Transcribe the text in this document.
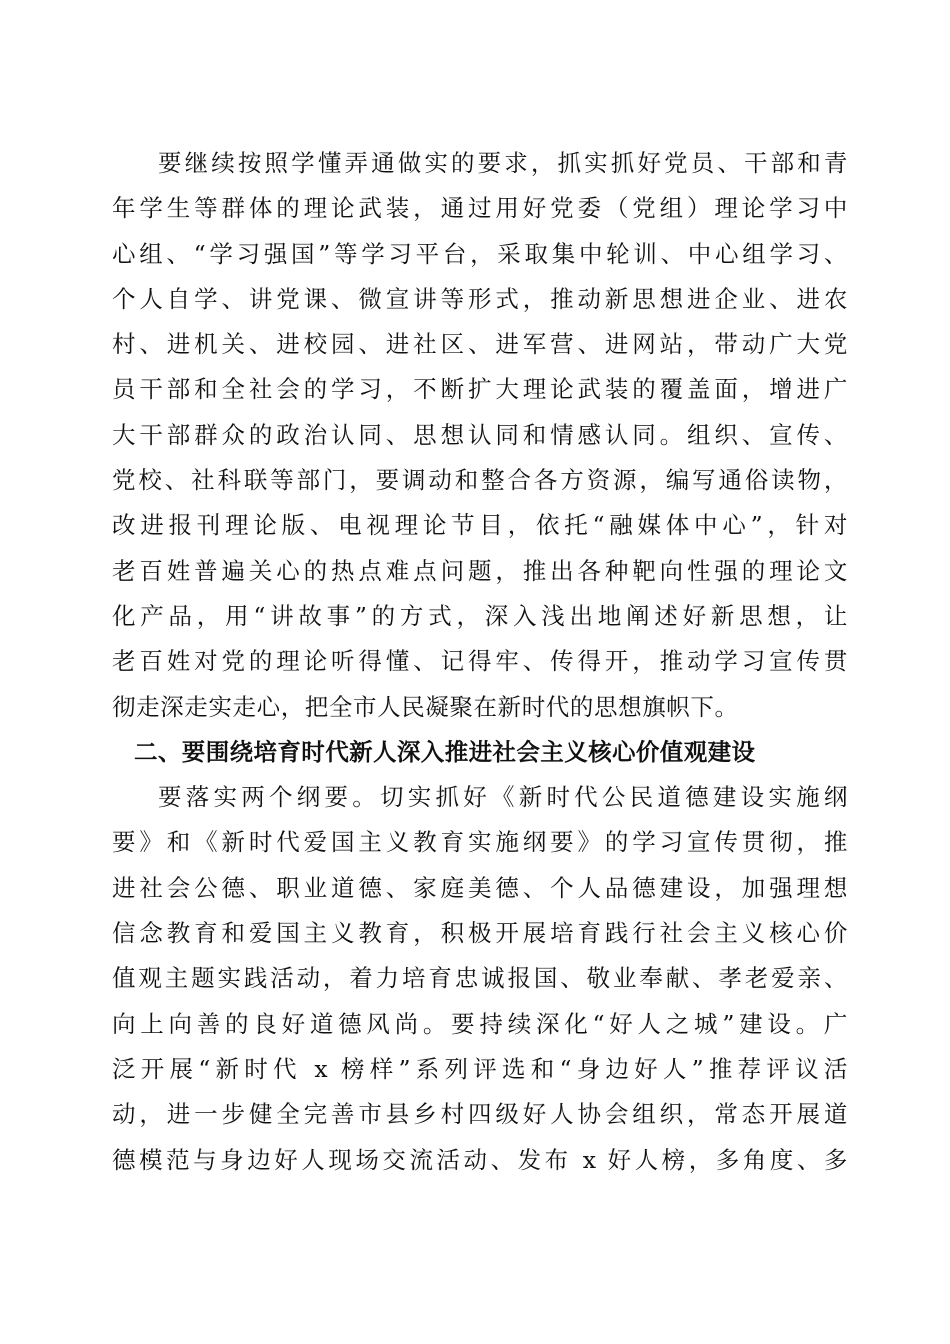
要继续按照学懂弄通做实的要求，抓实抓好党员、干部和青
年学生等群体的理论武装，通过用好党委（党组）理论学习中
心组、“学习强国”等学习平台，采取集中轮训、中心组学习、
个人自学、讲党课、微宣讲等形式，推动新思想进企业、进农
村、进机关、进校园、进社区、进军营、进网站，带动广大党
员干部和全社会的学习，不断扩大理论武装的覆盖面，增进广
大干部群众的政治认同、思想认同和情感认同。组织、宣传、
党校、社科联等部门，要调动和整合各方资源，编写通俗读物，
改进报刊理论版、电视理论节目，依托“融媒体中心”，针对
老百姓普遍关心的热点难点问题，推出各种靶向性强的理论文
化产品，用“讲故事”的方式，深入浅出地阐述好新思想，让
老百姓对党的理论听得懂、记得牢、传得开，推动学习宣传贯
彻走深走实走心，把全市人民凝聚在新时代的思想旗帜下。
二、要围绕培育时代新人深入推进社会主义核心价值观建设
要落实两个纲要。切实抓好《新时代公民道德建设实施纲
要》和《新时代爱国主义教育实施纲要》的学习宣传贯彻，推
进社会公德、职业道德、家庭美德、个人品德建设，加强理想
信念教育和爱国主义教育，积极开展培育践行社会主义核心价
值观主题实践活动，着力培育忠诚报国、敬业奉献、孝老爱亲、
向上向善的良好道德风尚。要持续深化“好人之城”建设。广
泛开展“新时代 x 榜样”系列评选和“身边好人”推荐评议活
动，进一步健全完善市县乡村四级好人协会组织，常态开展道
德模范与身边好人现场交流活动、发布 x 好人榜，多角度、多
